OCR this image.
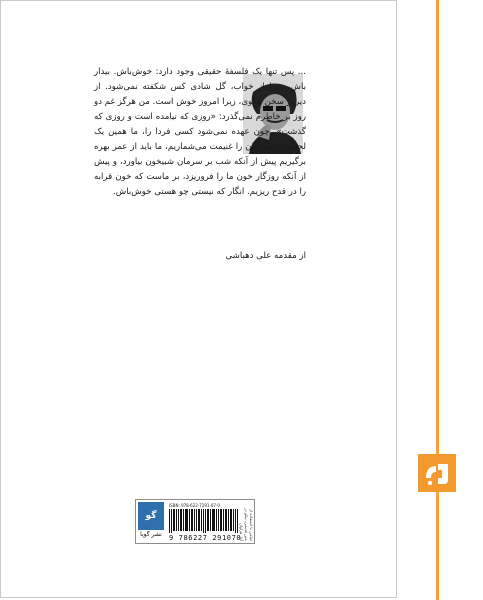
... پس تنها یک فلسفهٔ حقیقی وجود دارد: خوش‌باش. بیدار باش، زیرا از خواب، گل شادی کس شکفته نمی‌شود. از دیروز سخن مگوی، زیرا امروز خوش است. من هرگز غم دو روز بر خاطرم نمی‌گذرد: «روزی که نیامده است و روزی که گذشت». چون عهده نمی‌شود کسی فردا را، ما همین یک لحظه از عمرمان را غنیمت می‌شماریم، ما باید از عمر بهره برگیریم پیش از آنکه شب بر سرمان شبیخون بیاورد، و پیش از آنکه روزگار خون ما را فروریزد، بر ماست که خون قرابه را در قدح ریزیم. انگار که نیستی چو هستی خوش‌باش.

از مقدمه علی دهباشی
گو
نشر گویا
ISBN: 978-622-7291-07-0
9 786227 291070	خیامی با استفاده از متن قدیمی، نیکو در آثار فراوان
